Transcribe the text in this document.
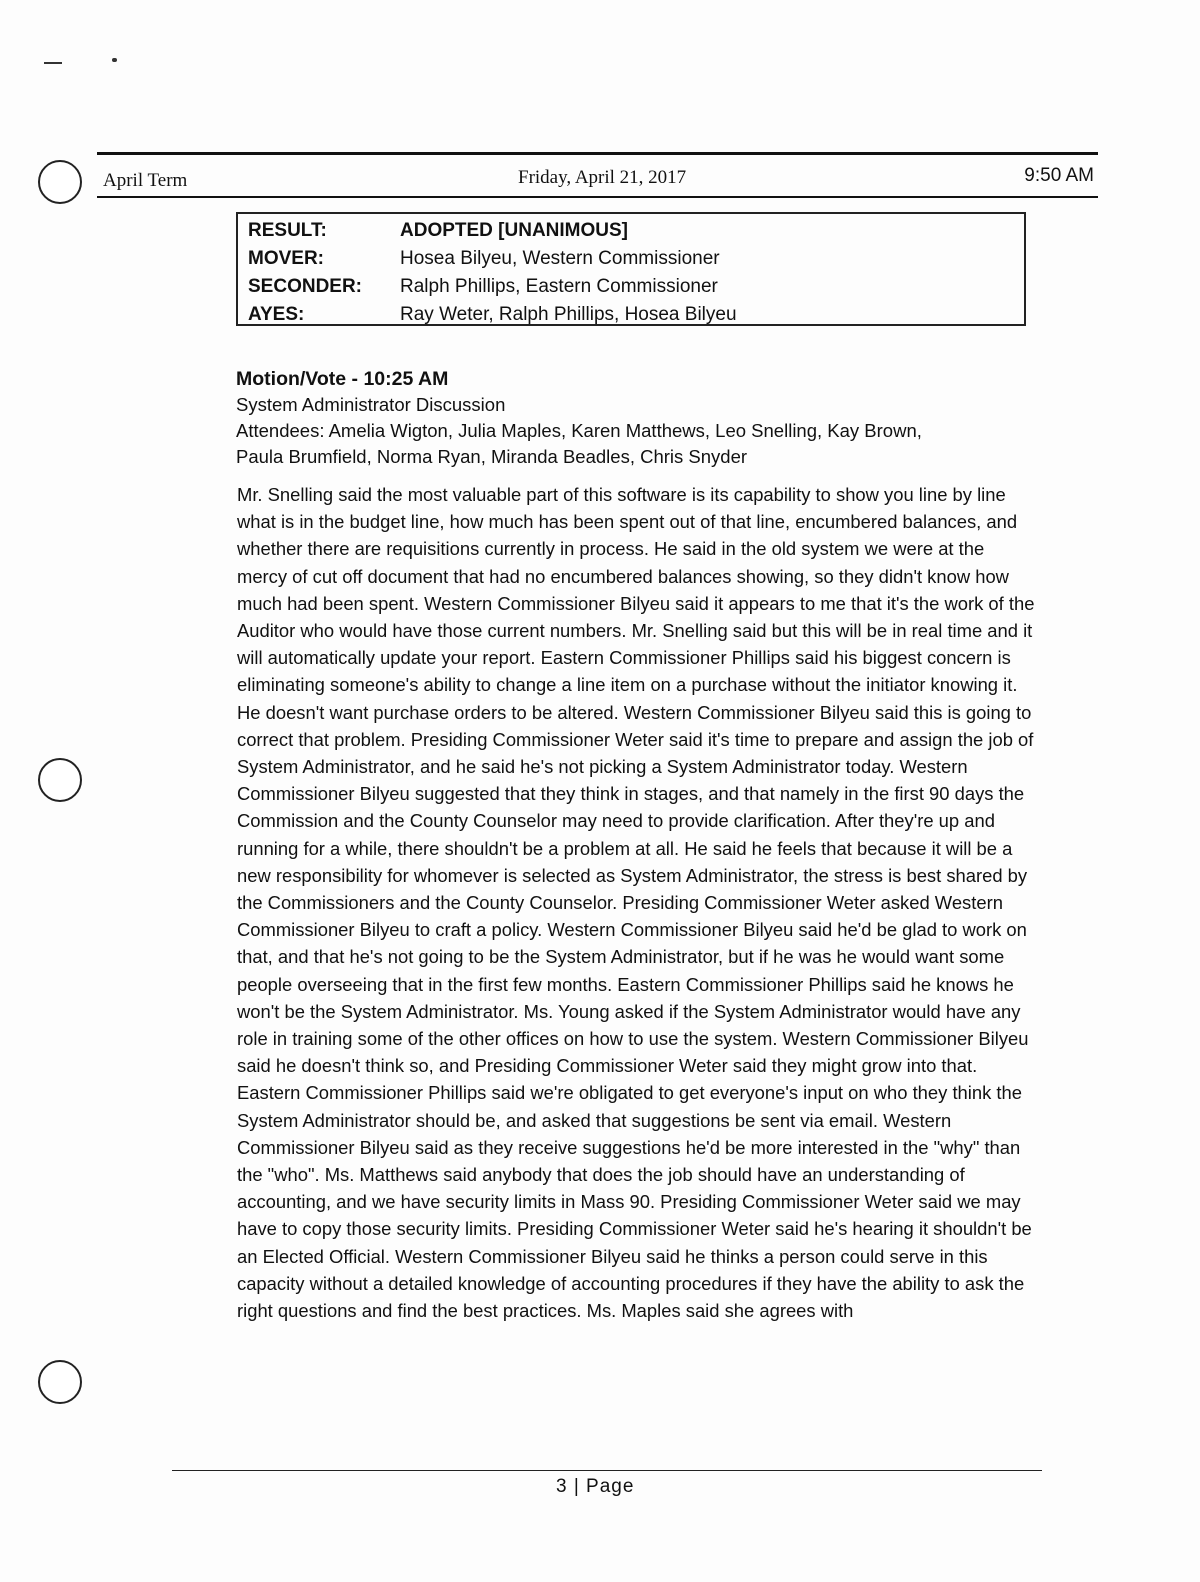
April Term	Friday, April 21, 2017	9:50 AM
RESULT:	ADOPTED [UNANIMOUS]
MOVER:	Hosea Bilyeu, Western Commissioner
SECONDER:	Ralph Phillips, Eastern Commissioner
AYES:	Ray Weter, Ralph Phillips, Hosea Bilyeu
Motion/Vote - 10:25 AM
System Administrator Discussion
Attendees: Amelia Wigton, Julia Maples, Karen Matthews, Leo Snelling, Kay Brown,
Paula Brumfield, Norma Ryan, Miranda Beadles, Chris Snyder

Mr. Snelling said the most valuable part of this software is its capability to show you line by line what is in the budget line, how much has been spent out of that line, encumbered balances, and whether there are requisitions currently in process. He said in the old system we were at the mercy of cut off document that had no encumbered balances showing, so they didn't know how much had been spent. Western Commissioner Bilyeu said it appears to me that it's the work of the Auditor who would have those current numbers. Mr. Snelling said but this will be in real time and it will automatically update your report. Eastern Commissioner Phillips said his biggest concern is eliminating someone's ability to change a line item on a purchase without the initiator knowing it. He doesn't want purchase orders to be altered. Western Commissioner Bilyeu said this is going to correct that problem. Presiding Commissioner Weter said it's time to prepare and assign the job of System Administrator, and he said he's not picking a System Administrator today. Western Commissioner Bilyeu suggested that they think in stages, and that namely in the first 90 days the Commission and the County Counselor may need to provide clarification. After they're up and running for a while, there shouldn't be a problem at all. He said he feels that because it will be a new responsibility for whomever is selected as System Administrator, the stress is best shared by the Commissioners and the County Counselor. Presiding Commissioner Weter asked Western Commissioner Bilyeu to craft a policy. Western Commissioner Bilyeu said he'd be glad to work on that, and that he's not going to be the System Administrator, but if he was he would want some people overseeing that in the first few months. Eastern Commissioner Phillips said he knows he won't be the System Administrator. Ms. Young asked if the System Administrator would have any role in training some of the other offices on how to use the system. Western Commissioner Bilyeu said he doesn't think so, and Presiding Commissioner Weter said they might grow into that. Eastern Commissioner Phillips said we're obligated to get everyone's input on who they think the System Administrator should be, and asked that suggestions be sent via email. Western Commissioner Bilyeu said as they receive suggestions he'd be more interested in the "why" than the "who". Ms. Matthews said anybody that does the job should have an understanding of accounting, and we have security limits in Mass 90. Presiding Commissioner Weter said we may have to copy those security limits. Presiding Commissioner Weter said he's hearing it shouldn't be an Elected Official. Western Commissioner Bilyeu said he thinks a person could serve in this capacity without a detailed knowledge of accounting procedures if they have the ability to ask the right questions and find the best practices. Ms. Maples said she agrees with

3 | Page
